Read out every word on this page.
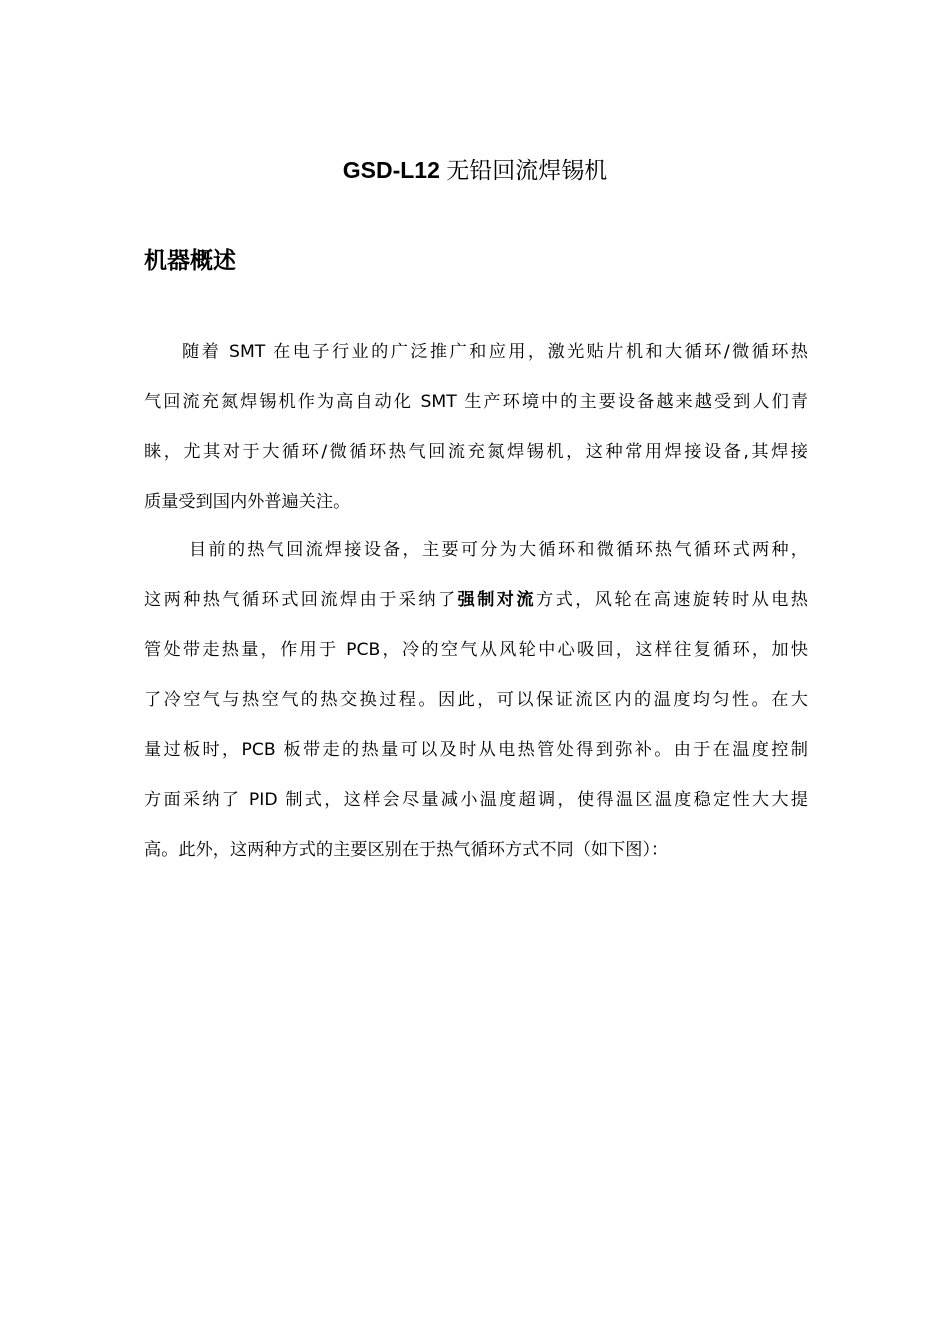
GSD-L12 无铅回流焊锡机
机器概述
随着 SMT 在电子行业的广泛推广和应用，激光贴片机和大循环/微循环热
气回流充氮焊锡机作为高自动化 SMT 生产环境中的主要设备越来越受到人们青
睐，尤其对于大循环/微循环热气回流充氮焊锡机，这种常用焊接设备,其焊接
质量受到国内外普遍关注。
目前的热气回流焊接设备，主要可分为大循环和微循环热气循环式两种，
这两种热气循环式回流焊由于采纳了强制对流方式，风轮在高速旋转时从电热
管处带走热量，作用于 PCB，冷的空气从风轮中心吸回，这样往复循环，加快
了冷空气与热空气的热交换过程。因此，可以保证流区内的温度均匀性。在大
量过板时，PCB 板带走的热量可以及时从电热管处得到弥补。由于在温度控制
方面采纳了 PID 制式，这样会尽量减小温度超调，使得温区温度稳定性大大提
高。此外，这两种方式的主要区别在于热气循环方式不同（如下图）：
